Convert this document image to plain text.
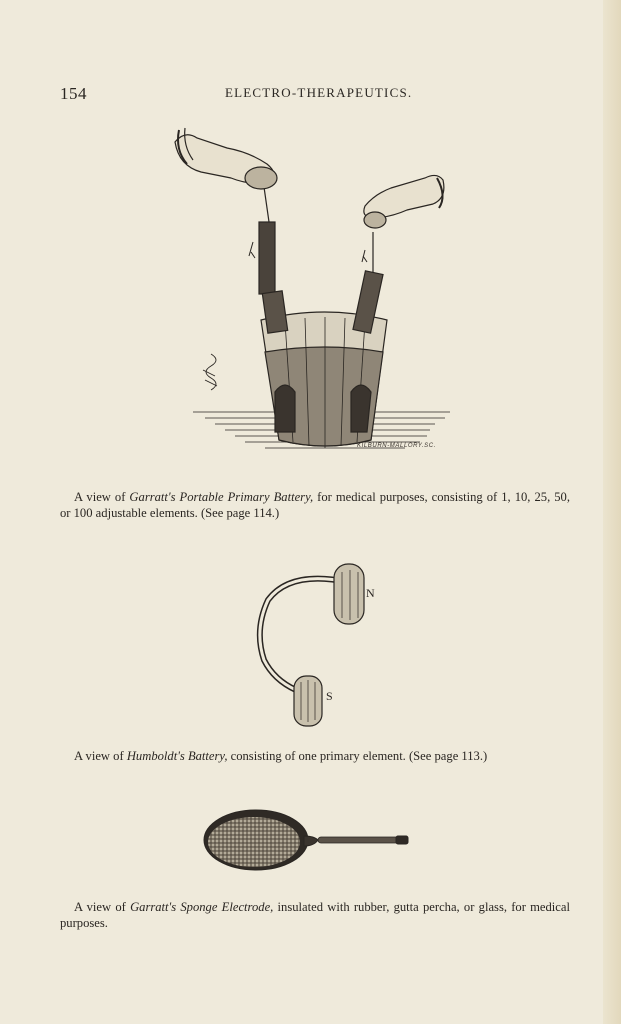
154	ELECTRO-THERAPEUTICS.
KILBURN-MALLORY.SC.

A view of Garratt's Portable Primary Battery, for medical purposes, consisting of 1, 10, 25, 50, or 100 adjustable elements. (See page 114.)

N
S

A view of Humboldt's Battery, consisting of one primary element. (See page 113.)

A view of Garratt's Sponge Electrode, insulated with rubber, gutta percha, or glass, for medical purposes.
